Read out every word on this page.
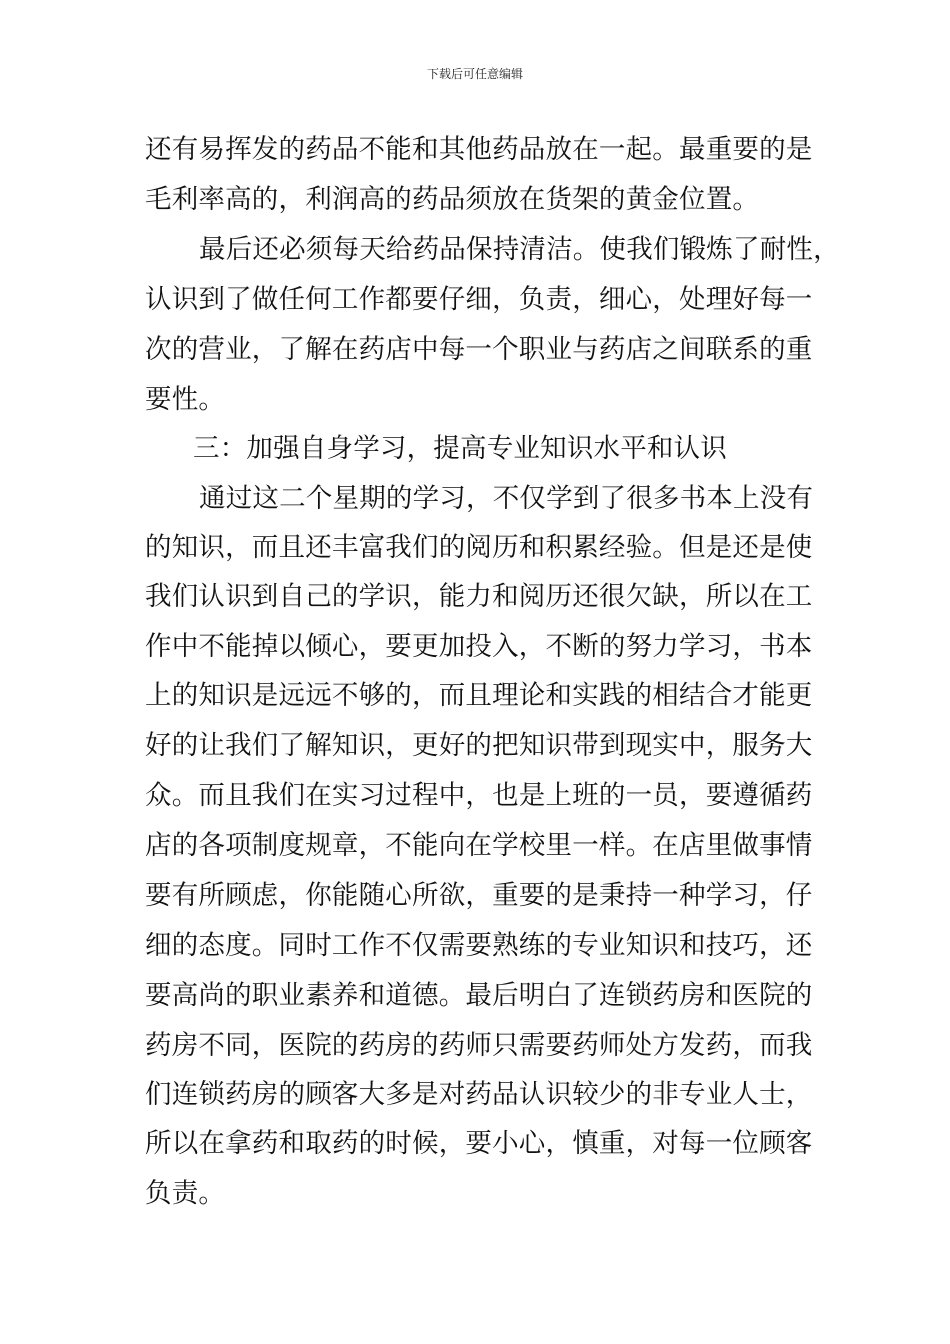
下载后可任意编辑
还有易挥发的药品不能和其他药品放在一起。最重要的是
毛利率高的，利润高的药品须放在货架的黄金位置。
最后还必须每天给药品保持清洁。使我们锻炼了耐性，
认识到了做任何工作都要仔细，负责，细心，处理好每一
次的营业，了解在药店中每一个职业与药店之间联系的重
要性。
三：加强自身学习，提高专业知识水平和认识
通过这二个星期的学习，不仅学到了很多书本上没有
的知识，而且还丰富我们的阅历和积累经验。但是还是使
我们认识到自己的学识，能力和阅历还很欠缺，所以在工
作中不能掉以倾心，要更加投入，不断的努力学习，书本
上的知识是远远不够的，而且理论和实践的相结合才能更
好的让我们了解知识，更好的把知识带到现实中，服务大
众。而且我们在实习过程中，也是上班的一员，要遵循药
店的各项制度规章，不能向在学校里一样。在店里做事情
要有所顾虑，你能随心所欲，重要的是秉持一种学习，仔
细的态度。同时工作不仅需要熟练的专业知识和技巧，还
要高尚的职业素养和道德。最后明白了连锁药房和医院的
药房不同，医院的药房的药师只需要药师处方发药，而我
们连锁药房的顾客大多是对药品认识较少的非专业人士，
所以在拿药和取药的时候，要小心，慎重，对每一位顾客
负责。
